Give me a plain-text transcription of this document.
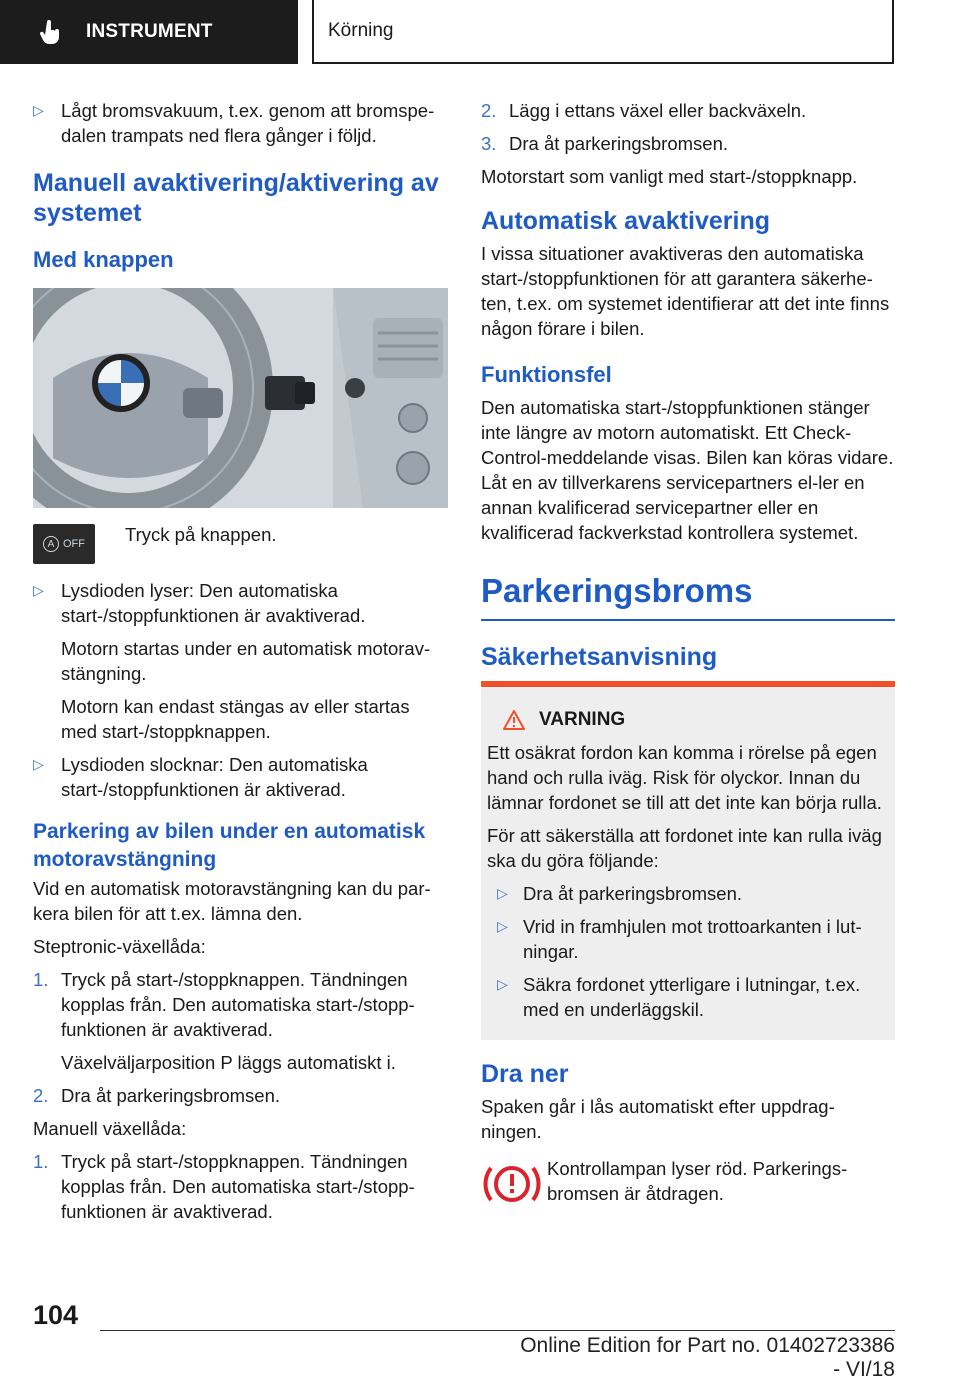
INSTRUMENT	Körning
▷ Lågt bromsvakuum, t.ex. genom att bromspe-dalen trampats ned flera gånger i följd.
Manuell avaktivering/aktivering av systemet
Med knappen
A OFF Tryck på knappen.
▷ Lysdioden lyser: Den automatiska start-/stoppfunktionen är avaktiverad.
Motorn startas under en automatisk motorav-stängning.
Motorn kan endast stängas av eller startas med start-/stoppknappen.
▷ Lysdioden slocknar: Den automatiska start-/stoppfunktionen är aktiverad.
Parkering av bilen under en automatisk motoravstängning
Vid en automatisk motoravstängning kan du par-kera bilen för att t.ex. lämna den.
Steptronic-växellåda:
1. Tryck på start-/stoppknappen. Tändningen kopplas från. Den automatiska start-/stopp-funktionen är avaktiverad.
Växelväljarposition P läggs automatiskt i.
2. Dra åt parkeringsbromsen.
Manuell växellåda:
1. Tryck på start-/stoppknappen. Tändningen kopplas från. Den automatiska start-/stopp-funktionen är avaktiverad.
2. Lägg i ettans växel eller backväxeln.
3. Dra åt parkeringsbromsen.
Motorstart som vanligt med start-/stoppknapp.
Automatisk avaktivering
I vissa situationer avaktiveras den automatiska start-/stoppfunktionen för att garantera säkerhe-ten, t.ex. om systemet identifierar att det inte finns någon förare i bilen.
Funktionsfel
Den automatiska start-/stoppfunktionen stänger inte längre av motorn automatiskt. Ett Check-Control-meddelande visas. Bilen kan köras vidare. Låt en av tillverkarens servicepartners el-ler en annan kvalificerad servicepartner eller en kvalificerad fackverkstad kontrollera systemet.
Parkeringsbroms
Säkerhetsanvisning
VARNING
Ett osäkrat fordon kan komma i rörelse på egen hand och rulla iväg. Risk för olyckor. Innan du lämnar fordonet se till att det inte kan börja rulla.
För att säkerställa att fordonet inte kan rulla iväg ska du göra följande:
▷ Dra åt parkeringsbromsen.
▷ Vrid in framhjulen mot trottoarkanten i lut-ningar.
▷ Säkra fordonet ytterligare i lutningar, t.ex. med en underläggskil.
Dra ner
Spaken går i lås automatiskt efter uppdrag-ningen.
Kontrollampan lyser röd. Parkerings-bromsen är åtdragen.
104
Online Edition for Part no. 01402723386 - VI/18
